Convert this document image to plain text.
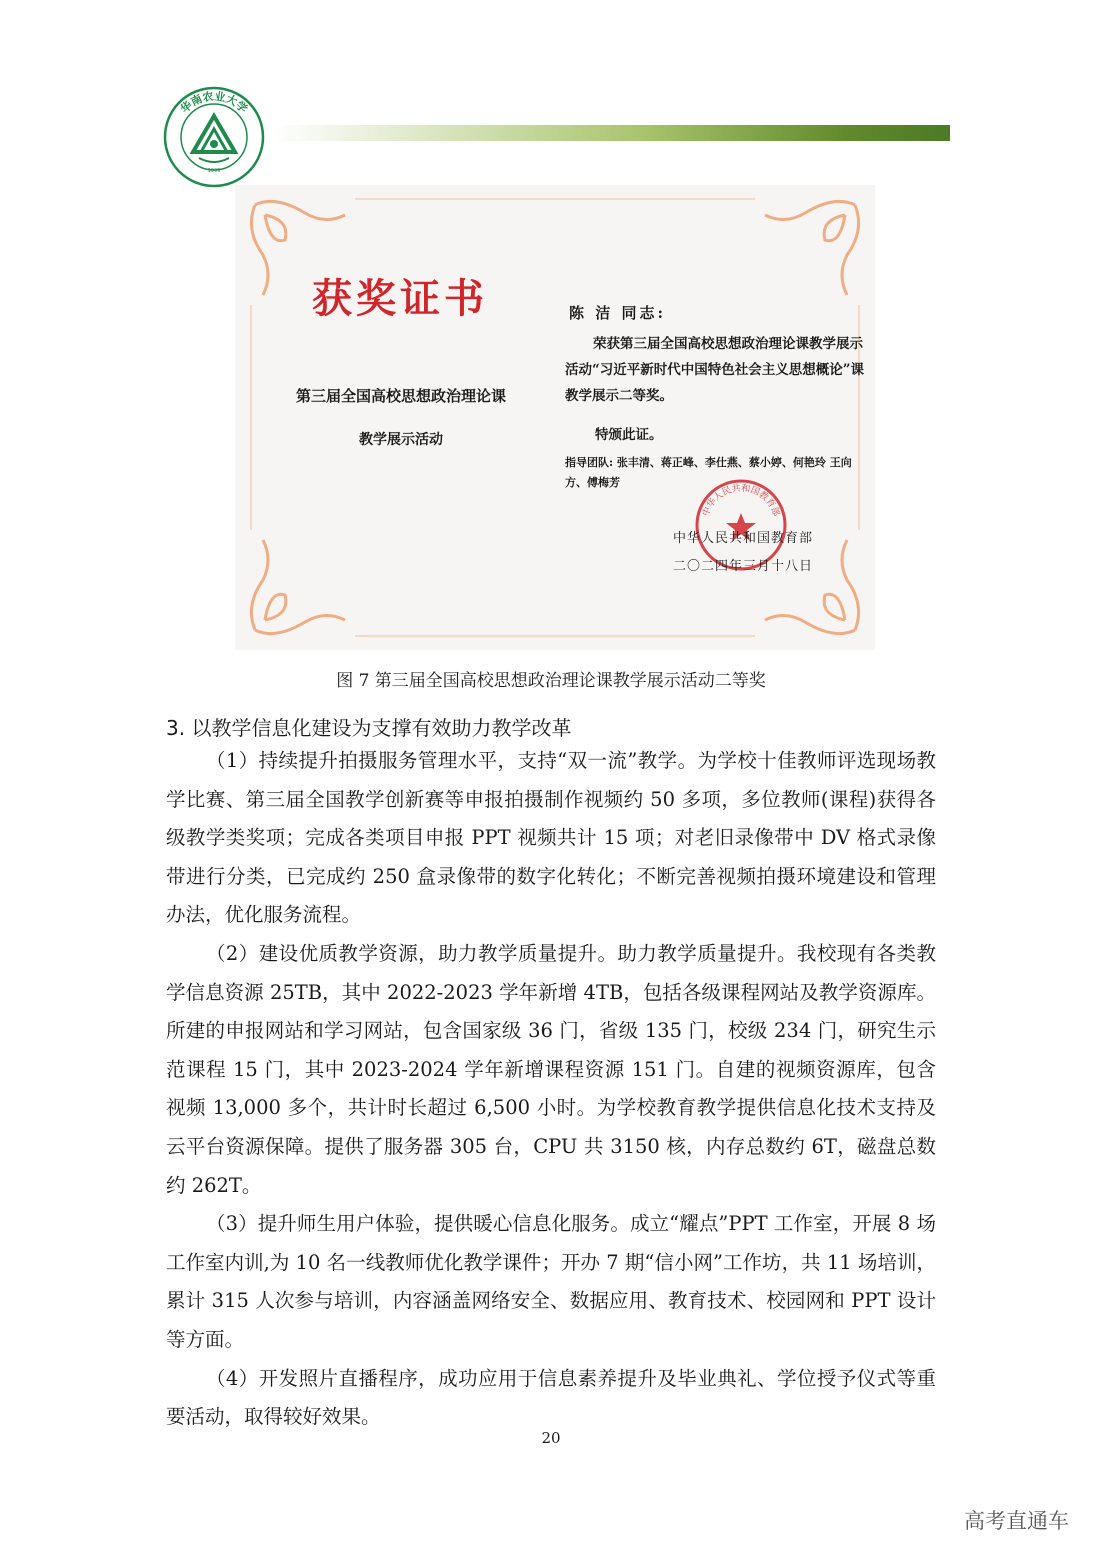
华南农业大学
1909
获奖证书
第三届全国高校思想政治理论课
教学展示活动
陈 洁 同志:
荣获第三届全国高校思想政治理论课教学展示活动“习近平新时代中国特色社会主义思想概论”课教学展示二等奖。
特颁此证。
指导团队: 张丰清、蒋正峰、李仕燕、蔡小婷、何艳玲 王向方、傅梅芳
中华人民共和国教育部
中华人民共和国教育部
二〇二四年三月十八日
图 7 第三届全国高校思想政治理论课教学展示活动二等奖
3. 以教学信息化建设为支撑有效助力教学改革

（1）持续提升拍摄服务管理水平，支持“双一流”教学。为学校十佳教师评选现场教学比赛、第三届全国教学创新赛等申报拍摄制作视频约 50 多项，多位教师(课程)获得各级教学类奖项；完成各类项目申报 PPT 视频共计 15 项；对老旧录像带中 DV 格式录像带进行分类，已完成约 250 盒录像带的数字化转化；不断完善视频拍摄环境建设和管理办法，优化服务流程。

（2）建设优质教学资源，助力教学质量提升。助力教学质量提升。我校现有各类教学信息资源 25TB，其中 2022-2023 学年新增 4TB，包括各级课程网站及教学资源库。所建的申报网站和学习网站，包含国家级 36 门，省级 135 门，校级 234 门，研究生示范课程 15 门，其中 2023-2024 学年新增课程资源 151 门。自建的视频资源库，包含视频 13,000 多个，共计时长超过 6,500 小时。为学校教育教学提供信息化技术支持及云平台资源保障。提供了服务器 305 台，CPU 共 3150 核，内存总数约 6T，磁盘总数约 262T。

（3）提升师生用户体验，提供暖心信息化服务。成立“耀点”PPT 工作室，开展 8 场工作室内训,为 10 名一线教师优化教学课件；开办 7 期“信小网”工作坊，共 11 场培训，累计 315 人次参与培训，内容涵盖网络安全、数据应用、教育技术、校园网和 PPT 设计等方面。

（4）开发照片直播程序，成功应用于信息素养提升及毕业典礼、学位授予仪式等重要活动，取得较好效果。

20
高考直通车
